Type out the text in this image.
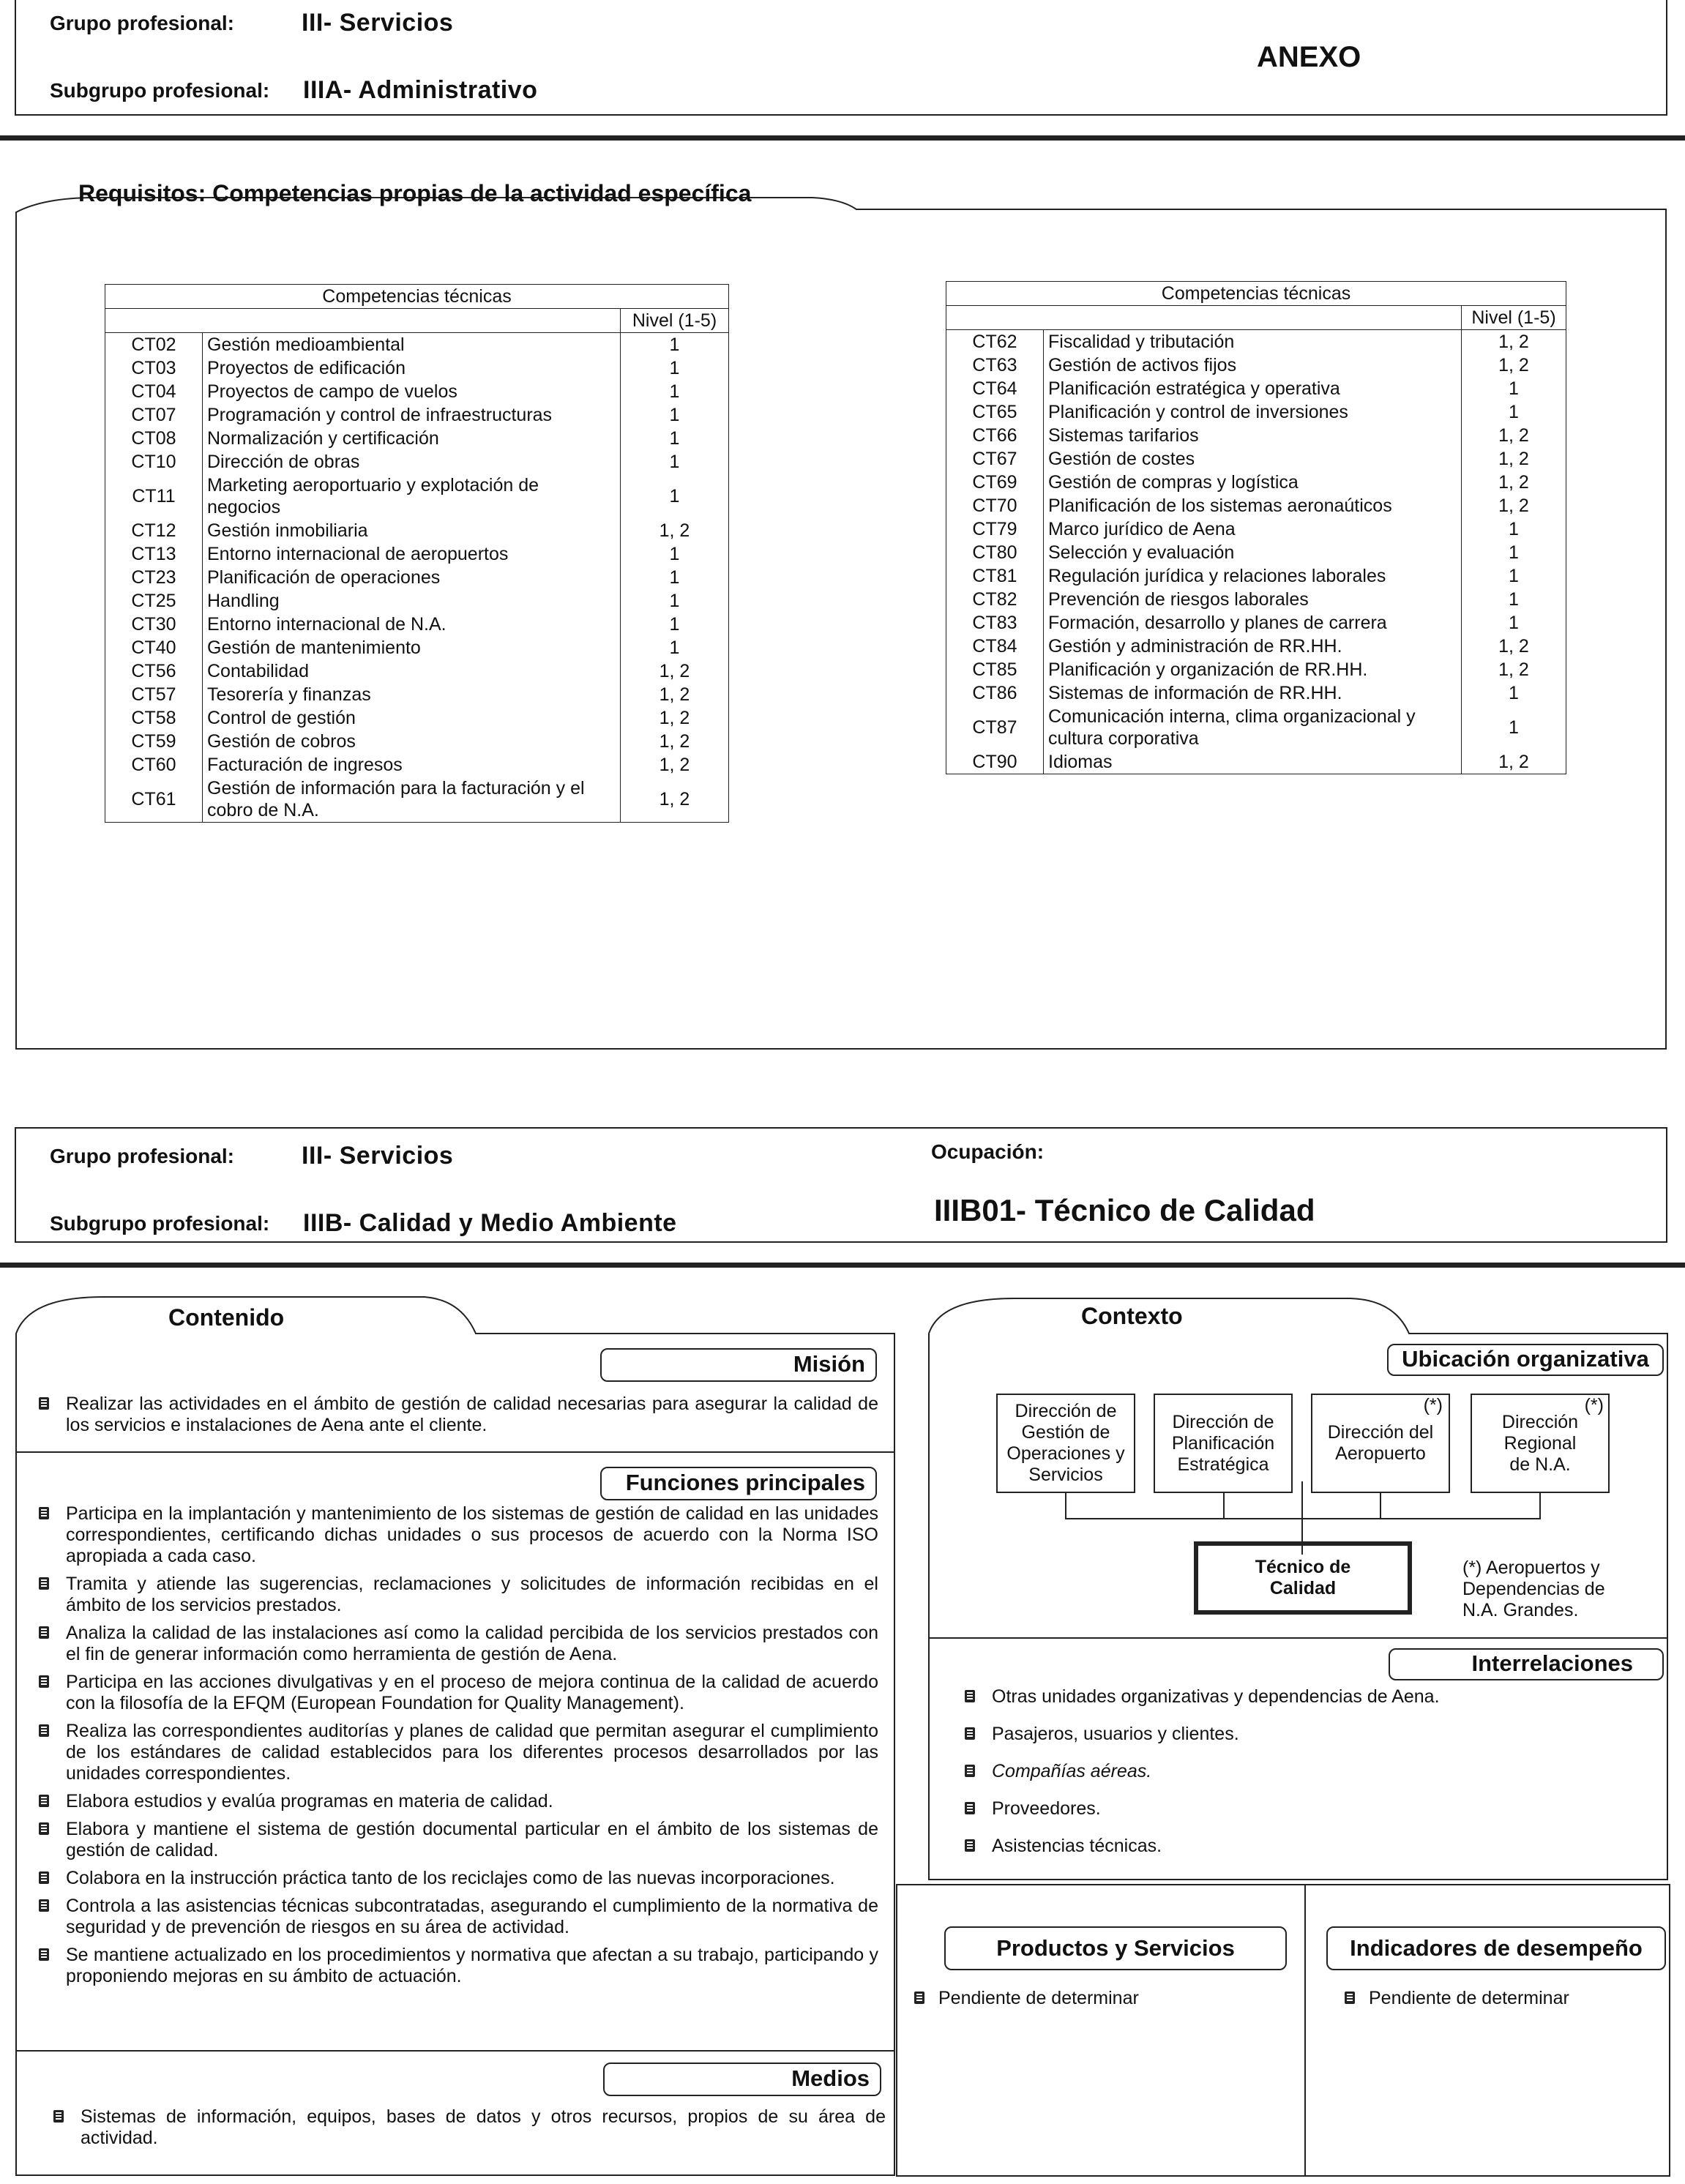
Grupo profesional:	III- Servicios
Subgrupo profesional: IIIA- Administrativo
ANEXO
Requisitos: Competencias propias de la actividad específica
Competencias técnicas		
		Nivel (1-5)
CT02	Gestión medioambiental	1
CT03	Proyectos de edificación	1
CT04	Proyectos de campo de vuelos	1
CT07	Programación y control de infraestructuras	1
CT08	Normalización y certificación	1
CT10	Dirección de obras	1
CT11	Marketing aeroportuario y explotación de negocios	1
CT12	Gestión inmobiliaria	1, 2
CT13	Entorno internacional de aeropuertos	1
CT23	Planificación de operaciones	1
CT25	Handling	1
CT30	Entorno internacional de N.A.	1
CT40	Gestión de mantenimiento	1
CT56	Contabilidad	1, 2
CT57	Tesorería y finanzas	1, 2
CT58	Control de gestión	1, 2
CT59	Gestión de cobros	1, 2
CT60	Facturación de ingresos	1, 2
CT61	Gestión de información para la facturación y el cobro de N.A.	1, 2
Competencias técnicas		
		Nivel (1-5)
CT62	Fiscalidad y tributación	1, 2
CT63	Gestión de activos fijos	1, 2
CT64	Planificación estratégica y operativa	1
CT65	Planificación y control de inversiones	1
CT66	Sistemas tarifarios	1, 2
CT67	Gestión de costes	1, 2
CT69	Gestión de compras y logística	1, 2
CT70	Planificación de los sistemas aeronaúticos	1, 2
CT79	Marco jurídico de Aena	1
CT80	Selección y evaluación	1
CT81	Regulación jurídica y relaciones laborales	1
CT82	Prevención de riesgos laborales	1
CT83	Formación, desarrollo y planes de carrera	1
CT84	Gestión y administración de RR.HH.	1, 2
CT85	Planificación y organización de RR.HH.	1, 2
CT86	Sistemas de información de RR.HH.	1
CT87	Comunicación interna, clima organizacional y cultura corporativa	1
CT90	Idiomas	1, 2
Grupo profesional:	III- Servicios
Subgrupo profesional: IIIB- Calidad y Medio Ambiente
Ocupación:
IIIB01- Técnico de Calidad
Contenido
Misión
Realizar las actividades en el ámbito de gestión de calidad necesarias para asegurar la calidad de los servicios e instalaciones de Aena ante el cliente.
Funciones principales
Participa en la implantación y mantenimiento de los sistemas de gestión de calidad en las unidades correspondientes, certificando dichas unidades o sus procesos de acuerdo con la Norma ISO apropiada a cada caso.
Tramita y atiende las sugerencias, reclamaciones y solicitudes de información recibidas en el ámbito de los servicios prestados.
Analiza la calidad de las instalaciones así como la calidad percibida de los servicios prestados con el fin de generar información como herramienta de gestión de Aena.
Participa en las acciones divulgativas y en el proceso de mejora continua de la calidad de acuerdo con la filosofía de la EFQM (European Foundation for Quality Management).
Realiza las correspondientes auditorías y planes de calidad que permitan asegurar el cumplimiento de los estándares de calidad establecidos para los diferentes procesos desarrollados por las unidades correspondientes.
Elabora estudios y evalúa programas en materia de calidad.
Elabora y mantiene el sistema de gestión documental particular en el ámbito de los sistemas de gestión de calidad.
Colabora en la instrucción práctica tanto de los reciclajes como de las nuevas incorporaciones.
Controla a las asistencias técnicas subcontratadas, asegurando el cumplimiento de la normativa de seguridad y de prevención de riesgos en su área de actividad.
Se mantiene actualizado en los procedimientos y normativa que afectan a su trabajo, participando y proponiendo mejoras en su ámbito de actuación.
Medios
Sistemas de información, equipos, bases de datos y otros recursos, propios de su área de actividad.
Contexto
Ubicación organizativa
Dirección de Gestión de Operaciones y Servicios
Dirección de Planificación Estratégica
Dirección del Aeropuerto
(*)
Dirección Regional de N.A.
(*)
Técnico de Calidad
(*) Aeropuertos y Dependencias de N.A. Grandes.
Interrelaciones
Otras unidades organizativas y dependencias de Aena.
Pasajeros, usuarios y clientes.
Compañías aéreas.
Proveedores.
Asistencias técnicas.
Productos y Servicios
Pendiente de determinar
Indicadores de desempeño
Pendiente de determinar
